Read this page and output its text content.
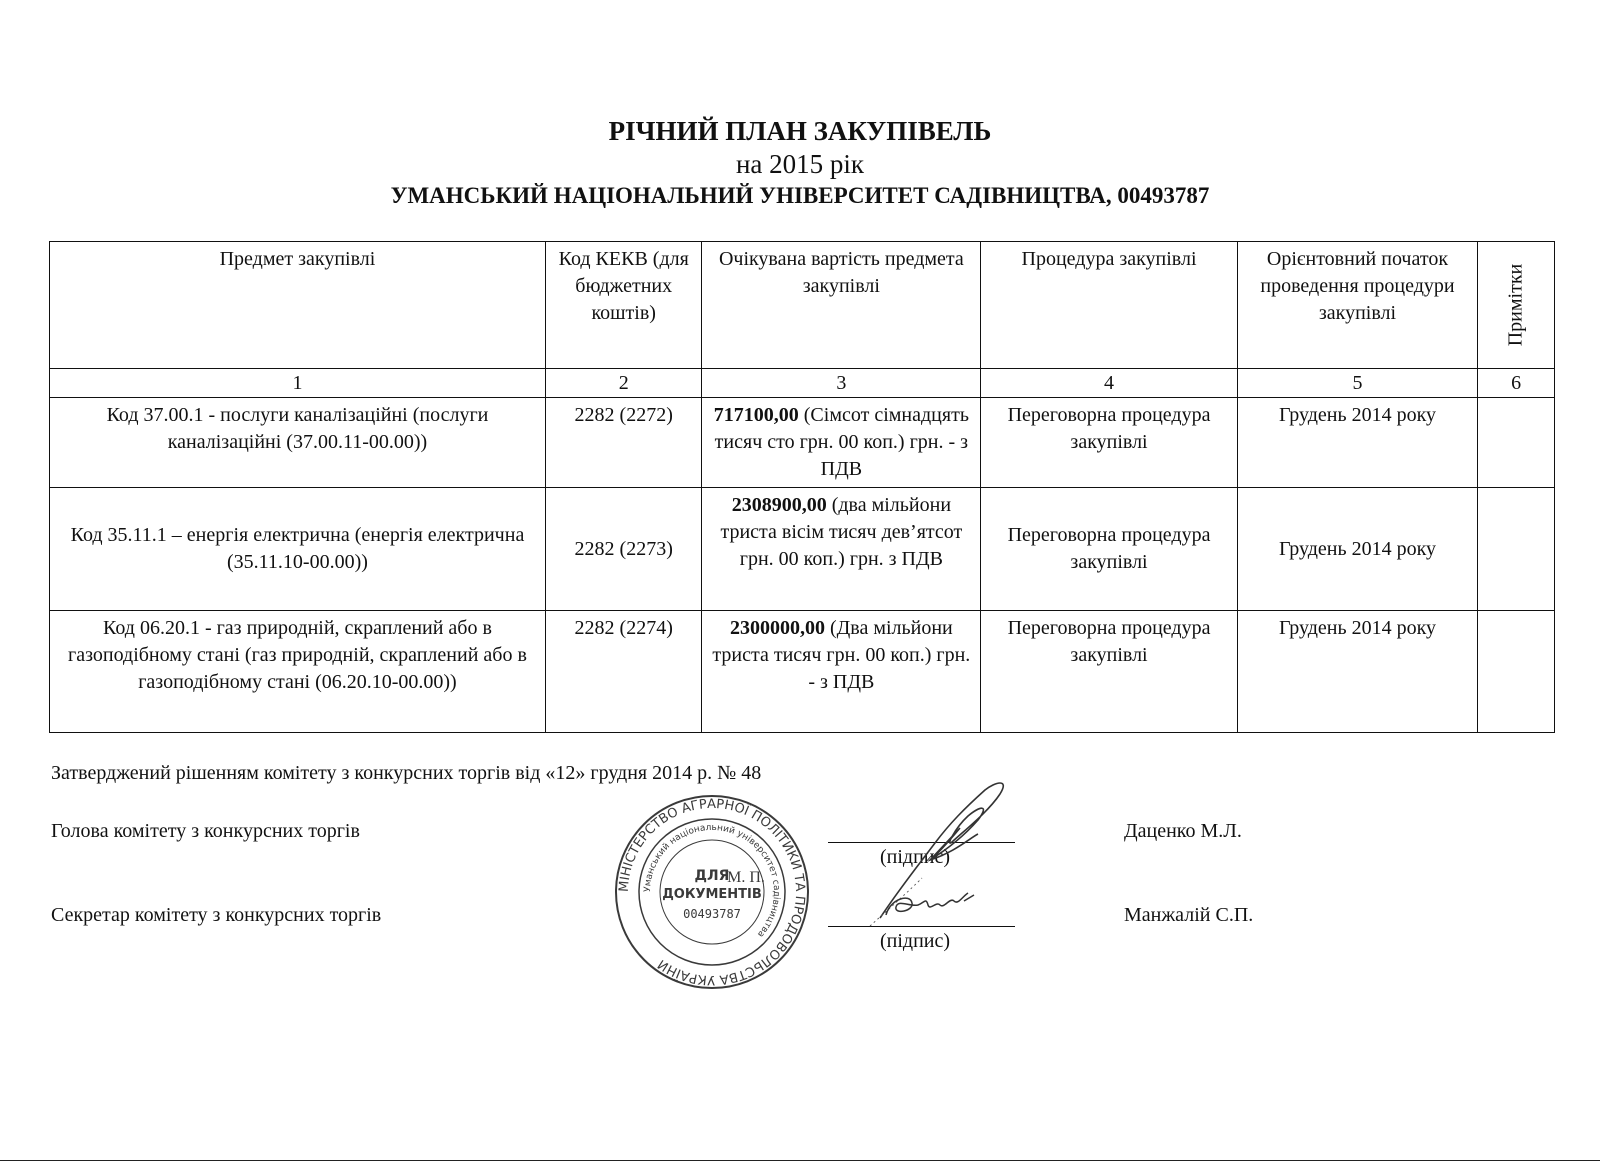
РІЧНИЙ ПЛАН ЗАКУПІВЕЛЬ
на 2015 рік
УМАНСЬКИЙ НАЦІОНАЛЬНИЙ УНІВЕРСИТЕТ САДІВНИЦТВА, 00493787
Предмет закупівлі	Код КЕКВ (для бюджетних коштів)	Очікувана вартість предмета закупівлі	Процедура закупівлі	Орієнтовний початок проведення процедури закупівлі	Примітки

1	2	3	4	5	6
Код 37.00.1 - послуги каналізаційні (послуги каналізаційні (37.00.11-00.00))	2282 (2272)	717100,00 (Сімсот сімнадцять тисяч сто грн. 00 коп.) грн. - з ПДВ	Переговорна процедура закупівлі	Грудень 2014 року	
Код 35.11.1 – енергія електрична (енергія електрична (35.11.10-00.00))	2282 (2273)	2308900,00 (два мільйони триста вісім тисяч дев’ятсот грн. 00 коп.) грн. з ПДВ	Переговорна процедура закупівлі	Грудень 2014 року	
Код 06.20.1 - газ природній, скраплений або в газоподібному стані (газ природній, скраплений або в газоподібному стані (06.20.10-00.00))	2282 (2274)	2300000,00 (Два мільйони триста тисяч грн. 00 коп.) грн. - з ПДВ	Переговорна процедура закупівлі	Грудень 2014 року	
Затверджений рішенням комітету з конкурсних торгів від «12» грудня 2014 р. № 48
Голова комітету з конкурсних торгів
(підпис)
Даценко М.Л.
Секретар комітету з конкурсних торгів
(підпис)
Манжалій С.П.
МІНІСТЕРСТВО АГРАРНОЇ ПОЛІТИКИ ТА ПРОДОВОЛЬСТВА УКРАЇНИ
Уманський національний університет садівництва
ДЛЯ
ДОКУМЕНТІВ
00493787
М. П.
